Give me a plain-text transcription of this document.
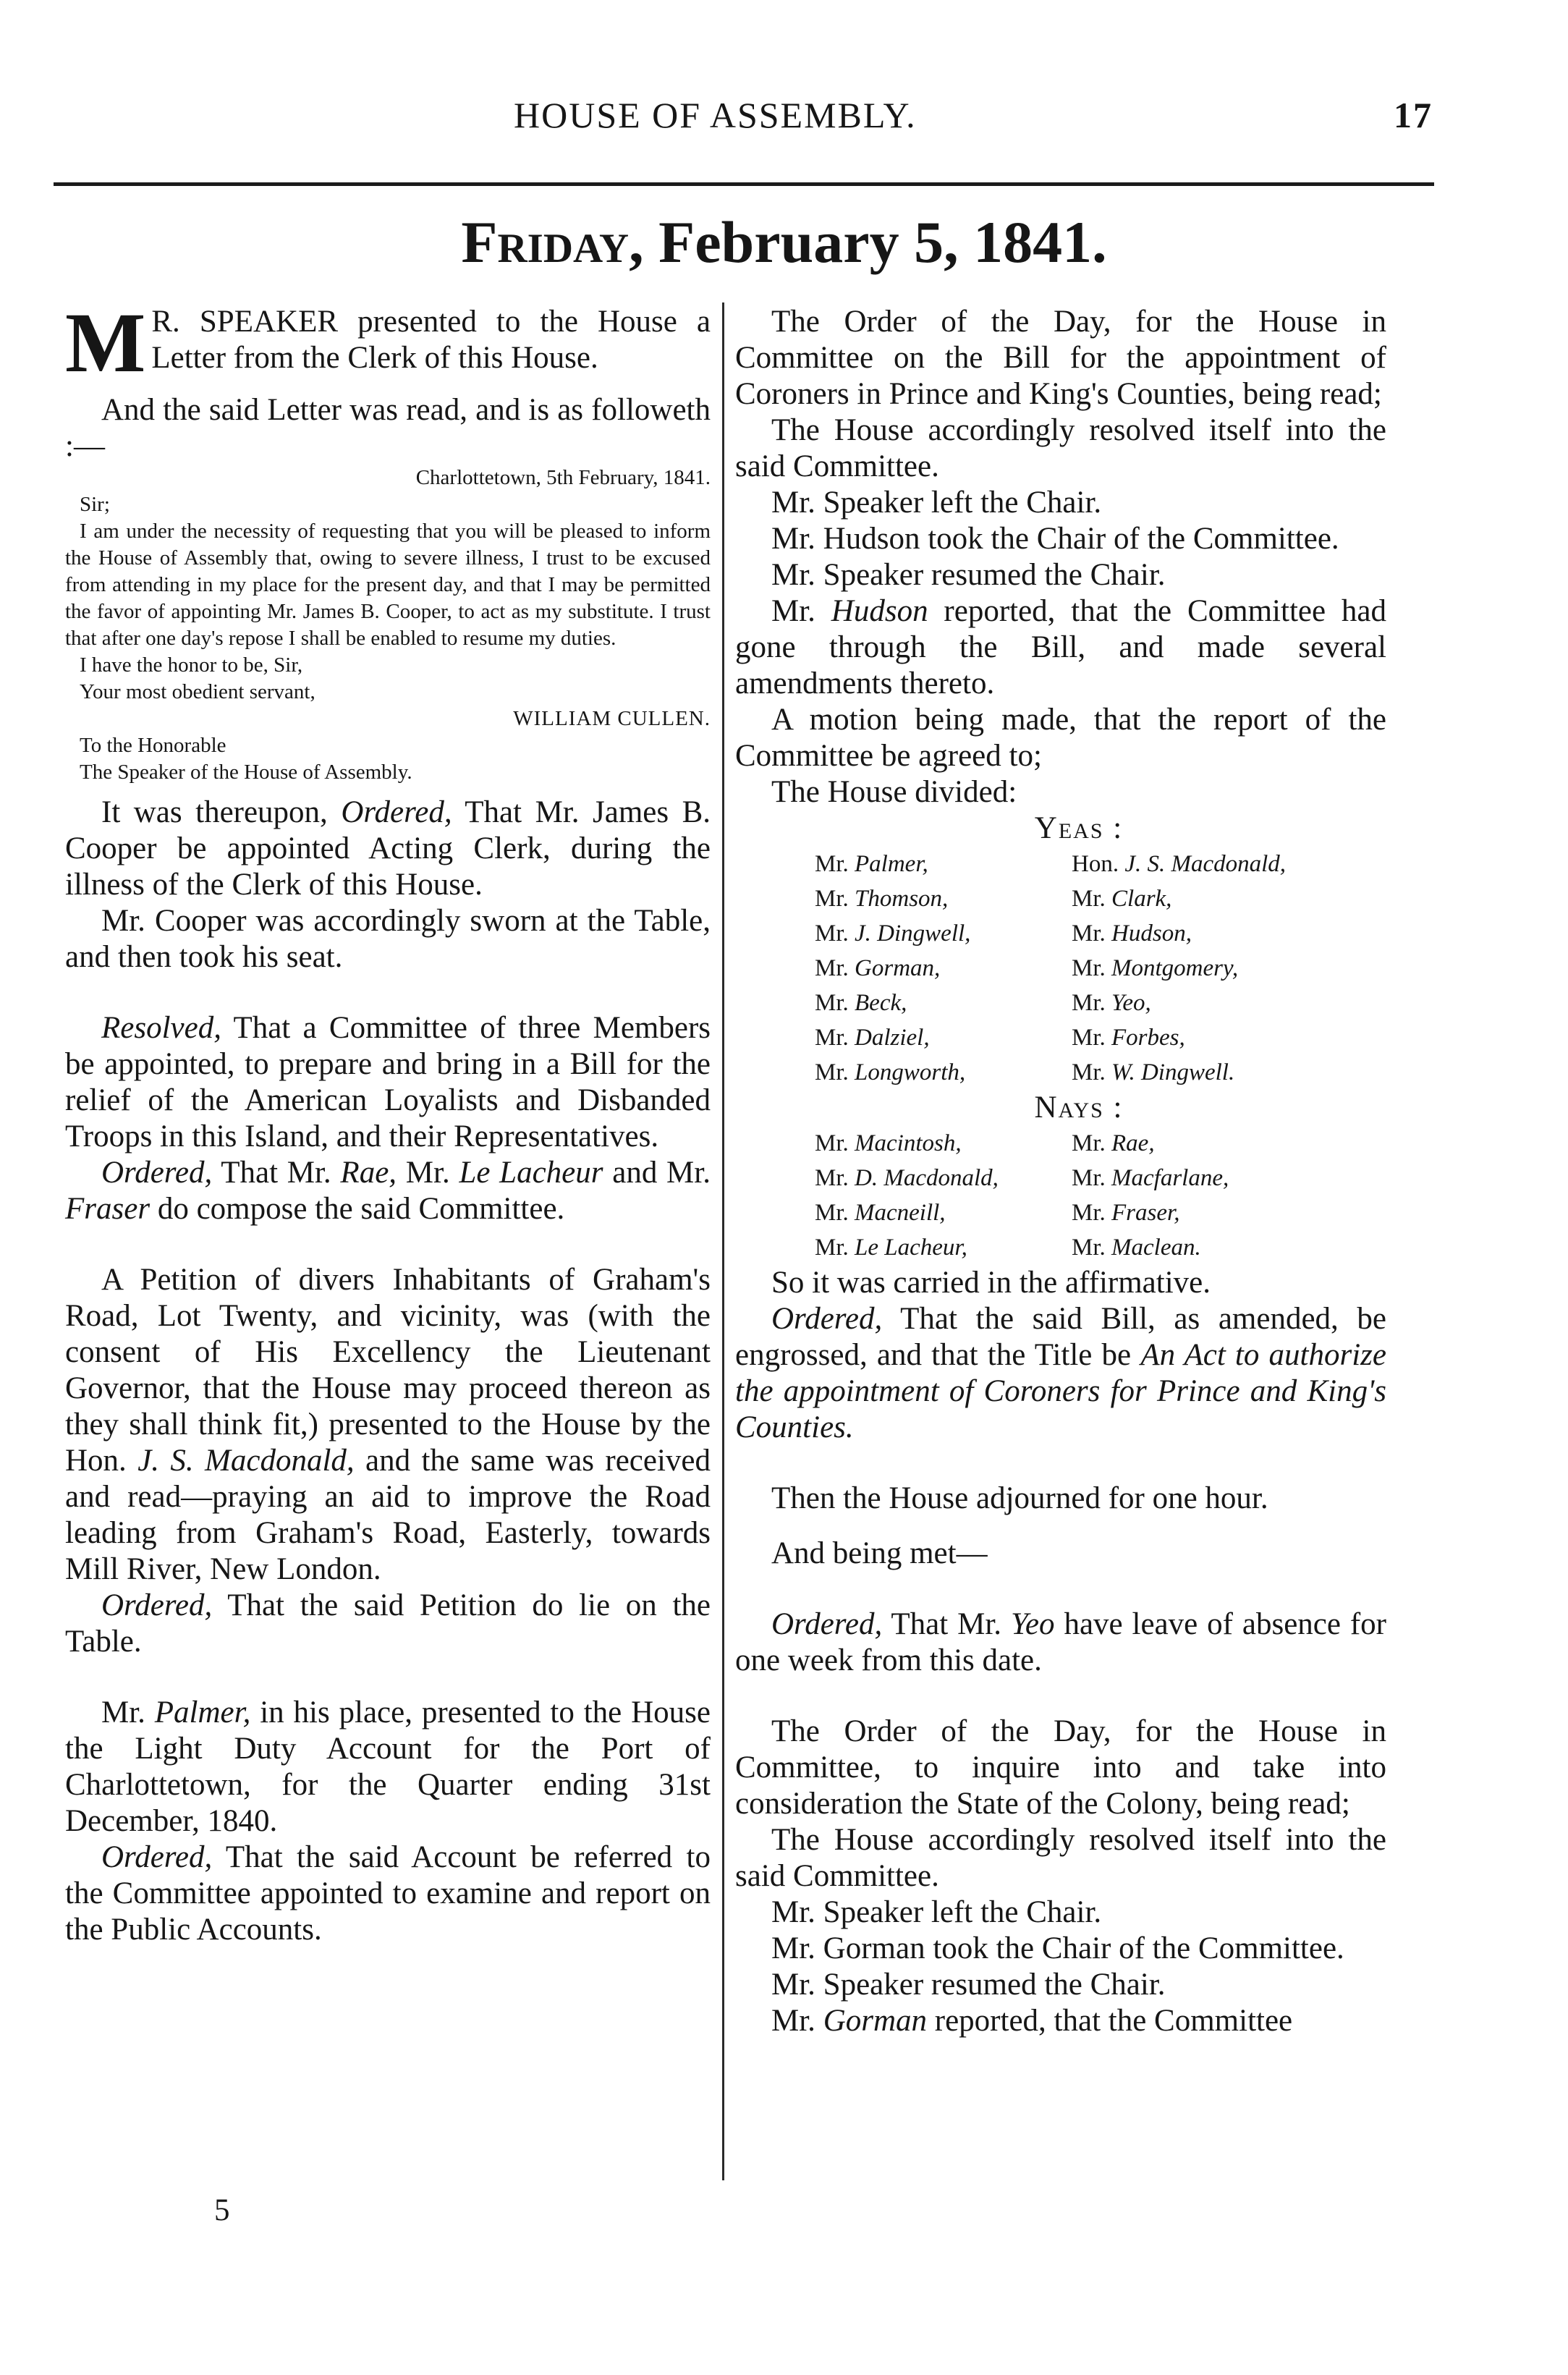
HOUSE OF ASSEMBLY.	17
Friday, February 5, 1841.

M R. SPEAKER presented to the House a Letter from the Clerk of this House.

And the said Letter was read, and is as followeth :—

Charlottetown, 5th February, 1841.

Sir;

I am under the necessity of requesting that you will be pleased to inform the House of Assembly that, owing to severe illness, I trust to be excused from attending in my place for the present day, and that I may be permitted the favor of appointing Mr. James B. Cooper, to act as my substitute. I trust that after one day's repose I shall be enabled to resume my duties.

I have the honor to be, Sir,

Your most obedient servant,

WILLIAM CULLEN.

To the Honorable

The Speaker of the House of Assembly.

It was thereupon, Ordered, That Mr. James B. Cooper be appointed Acting Clerk, during the illness of the Clerk of this House.

Mr. Cooper was accordingly sworn at the Table, and then took his seat.

Resolved, That a Committee of three Members be appointed, to prepare and bring in a Bill for the relief of the American Loyalists and Disbanded Troops in this Island, and their Representatives.

Ordered, That Mr. Rae, Mr. Le Lacheur and Mr. Fraser do compose the said Committee.

A Petition of divers Inhabitants of Graham's Road, Lot Twenty, and vicinity, was (with the consent of His Excellency the Lieutenant Governor, that the House may proceed thereon as they shall think fit,) presented to the House by the Hon. J. S. Macdonald, and the same was received and read—praying an aid to improve the Road leading from Graham's Road, Easterly, towards Mill River, New London.

Ordered, That the said Petition do lie on the Table.

Mr. Palmer, in his place, presented to the House the Light Duty Account for the Port of Charlottetown, for the Quarter ending 31st December, 1840.

Ordered, That the said Account be referred to the Committee appointed to examine and report on the Public Accounts.

The Order of the Day, for the House in Committee on the Bill for the appointment of Coroners in Prince and King's Counties, being read;

The House accordingly resolved itself into the said Committee.

Mr. Speaker left the Chair.

Mr. Hudson took the Chair of the Committee.

Mr. Speaker resumed the Chair.

Mr. Hudson reported, that the Committee had gone through the Bill, and made several amendments thereto.

A motion being made, that the report of the Committee be agreed to;

The House divided:

Yeas :

Mr. Palmer,	Hon. J. S. Macdonald,
Mr. Thomson,	Mr. Clark,
Mr. J. Dingwell,	Mr. Hudson,
Mr. Gorman,	Mr. Montgomery,
Mr. Beck,	Mr. Yeo,
Mr. Dalziel,	Mr. Forbes,
Mr. Longworth,	Mr. W. Dingwell.

Nays :

Mr. Macintosh,	Mr. Rae,
Mr. D. Macdonald,	Mr. Macfarlane,
Mr. Macneill,	Mr. Fraser,
Mr. Le Lacheur,	Mr. Maclean.

So it was carried in the affirmative.

Ordered, That the said Bill, as amended, be engrossed, and that the Title be An Act to authorize the appointment of Coroners for Prince and King's Counties.

Then the House adjourned for one hour.

And being met—

Ordered, That Mr. Yeo have leave of absence for one week from this date.

The Order of the Day, for the House in Committee, to inquire into and take into consideration the State of the Colony, being read;

The House accordingly resolved itself into the said Committee.

Mr. Speaker left the Chair.

Mr. Gorman took the Chair of the Committee.

Mr. Speaker resumed the Chair.

Mr. Gorman reported, that the Committee

5
